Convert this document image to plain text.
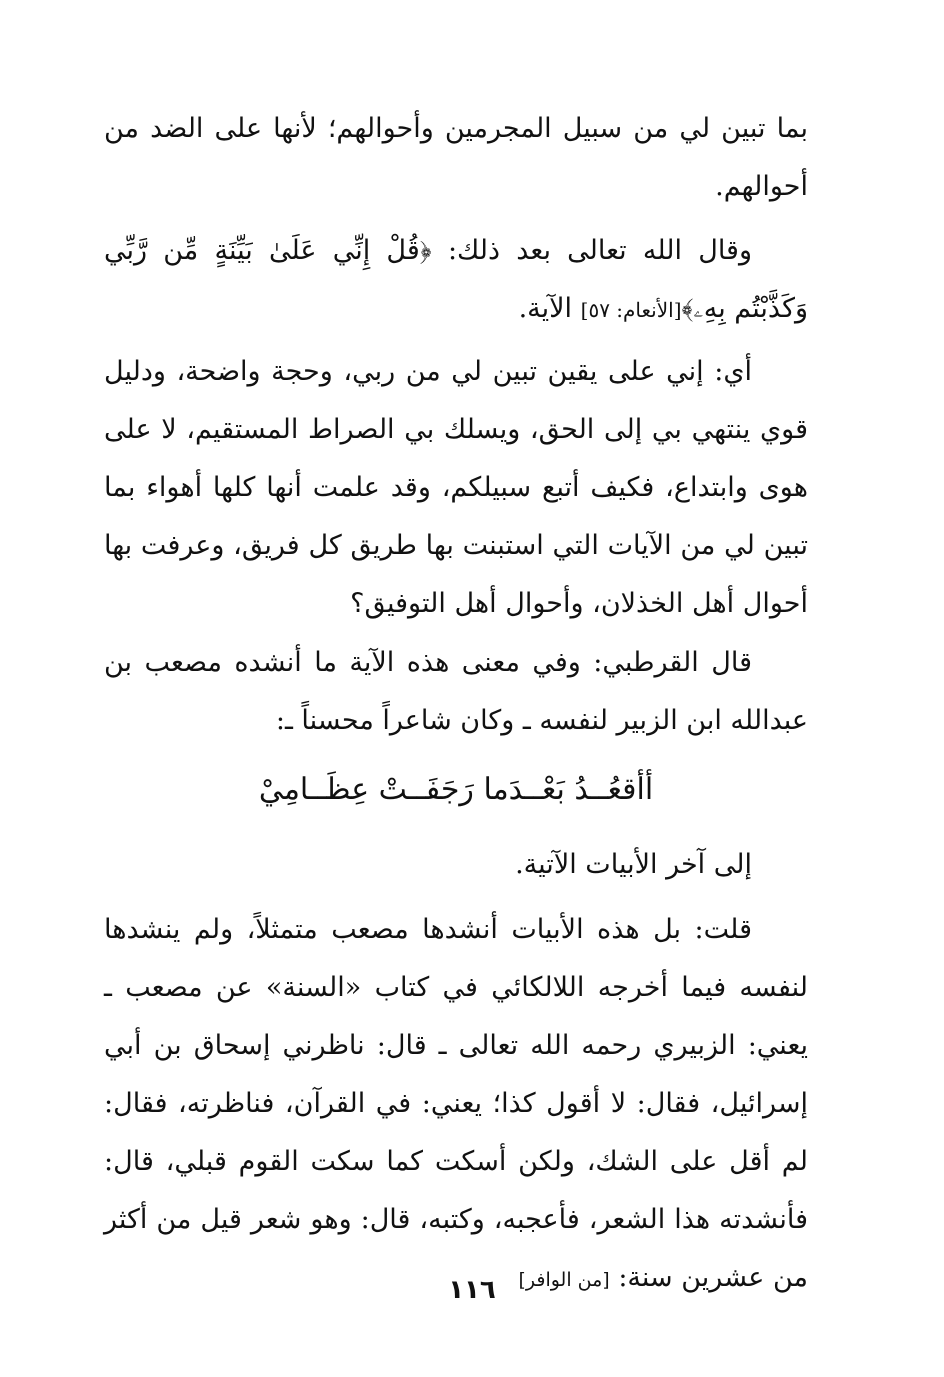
بما تبين لي من سبيل المجرمين وأحوالهم؛ لأنها على الضد من أحوالهم.

وقال الله تعالى بعد ذلك: ﴿قُلْ إِنِّي عَلَىٰ بَيِّنَةٍ مِّن رَّبِّي وَكَذَّبْتُم بِهِۦ﴾[الأنعام: ٥٧] الآية.

أي: إني على يقين تبين لي من ربي، وحجة واضحة، ودليل قوي ينتهي بي إلى الحق، ويسلك بي الصراط المستقيم، لا على هوى وابتداع، فكيف أتبع سبيلكم، وقد علمت أنها كلها أهواء بما تبين لي من الآيات التي استبنت بها طريق كل فريق، وعرفت بها أحوال أهل الخذلان، وأحوال أهل التوفيق؟

قال القرطبي: وفي معنى هذه الآية ما أنشده مصعب بن عبدالله ابن الزبير لنفسه ـ وكان شاعراً محسناً ـ:

أأقعُــدُ بَعْــدَما رَجَفَــتْ عِظَــامِيْ

إلى آخر الأبيات الآتية.

قلت: بل هذه الأبيات أنشدها مصعب متمثلاً، ولم ينشدها لنفسه فيما أخرجه اللالكائي في كتاب «السنة» عن مصعب ـ يعني: الزبيري رحمه الله تعالى ـ قال: ناظرني إسحاق بن أبي إسرائيل، فقال: لا أقول كذا؛ يعني: في القرآن، فناظرته، فقال: لم أقل على الشك، ولكن أسكت كما سكت القوم قبلي، قال: فأنشدته هذا الشعر، فأعجبه، وكتبه، قال: وهو شعر قيل من أكثر من عشرين سنة: [من الوافر]

١١٦
